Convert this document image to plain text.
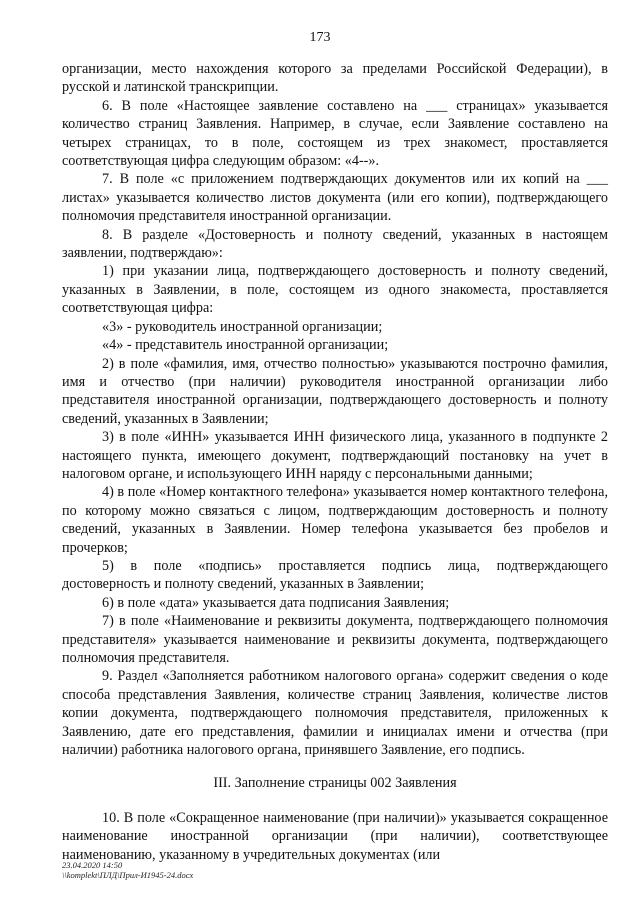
173

организации, место нахождения которого за пределами Российской Федерации), в русской и латинской транскрипции.

6. В поле «Настоящее заявление составлено на ___ страницах» указывается количество страниц Заявления. Например, в случае, если Заявление составлено на четырех страницах, то в поле, состоящем из трех знакомест, проставляется соответствующая цифра следующим образом: «4--».

7. В поле «с приложением подтверждающих документов или их копий на ___ листах» указывается количество листов документа (или его копии), подтверждающего полномочия представителя иностранной организации.

8. В разделе «Достоверность и полноту сведений, указанных в настоящем заявлении, подтверждаю»:

1) при указании лица, подтверждающего достоверность и полноту сведений, указанных в Заявлении, в поле, состоящем из одного знакоместа, проставляется соответствующая цифра:

«3» - руководитель иностранной организации;

«4» - представитель иностранной организации;

2) в поле «фамилия, имя, отчество полностью» указываются построчно фамилия, имя и отчество (при наличии) руководителя иностранной организации либо представителя иностранной организации, подтверждающего достоверность и полноту сведений, указанных в Заявлении;

3) в поле «ИНН» указывается ИНН физического лица, указанного в подпункте 2 настоящего пункта, имеющего документ, подтверждающий постановку на учет в налоговом органе, и использующего ИНН наряду с персональными данными;

4) в поле «Номер контактного телефона» указывается номер контактного телефона, по которому можно связаться с лицом, подтверждающим достоверность и полноту сведений, указанных в Заявлении. Номер телефона указывается без пробелов и прочерков;

5) в поле «подпись» проставляется подпись лица, подтверждающего достоверность и полноту сведений, указанных в Заявлении;

6) в поле «дата» указывается дата подписания Заявления;

7) в поле «Наименование и реквизиты документа, подтверждающего полномочия представителя» указывается наименование и реквизиты документа, подтверждающего полномочия представителя.

9. Раздел «Заполняется работником налогового органа» содержит сведения о коде способа представления Заявления, количестве страниц Заявления, количестве листов копии документа, подтверждающего полномочия представителя, приложенных к Заявлению, дате его представления, фамилии и инициалах имени и отчества (при наличии) работника налогового органа, принявшего Заявление, его подпись.

III. Заполнение страницы 002 Заявления

10. В поле «Сокращенное наименование (при наличии)» указывается сокращенное наименование иностранной организации (при наличии), соответствующее наименованию, указанному в учредительных документах (или

23.04.2020 14:50
\\komplekt\ПЛД\Прил-И1945-24.docx
